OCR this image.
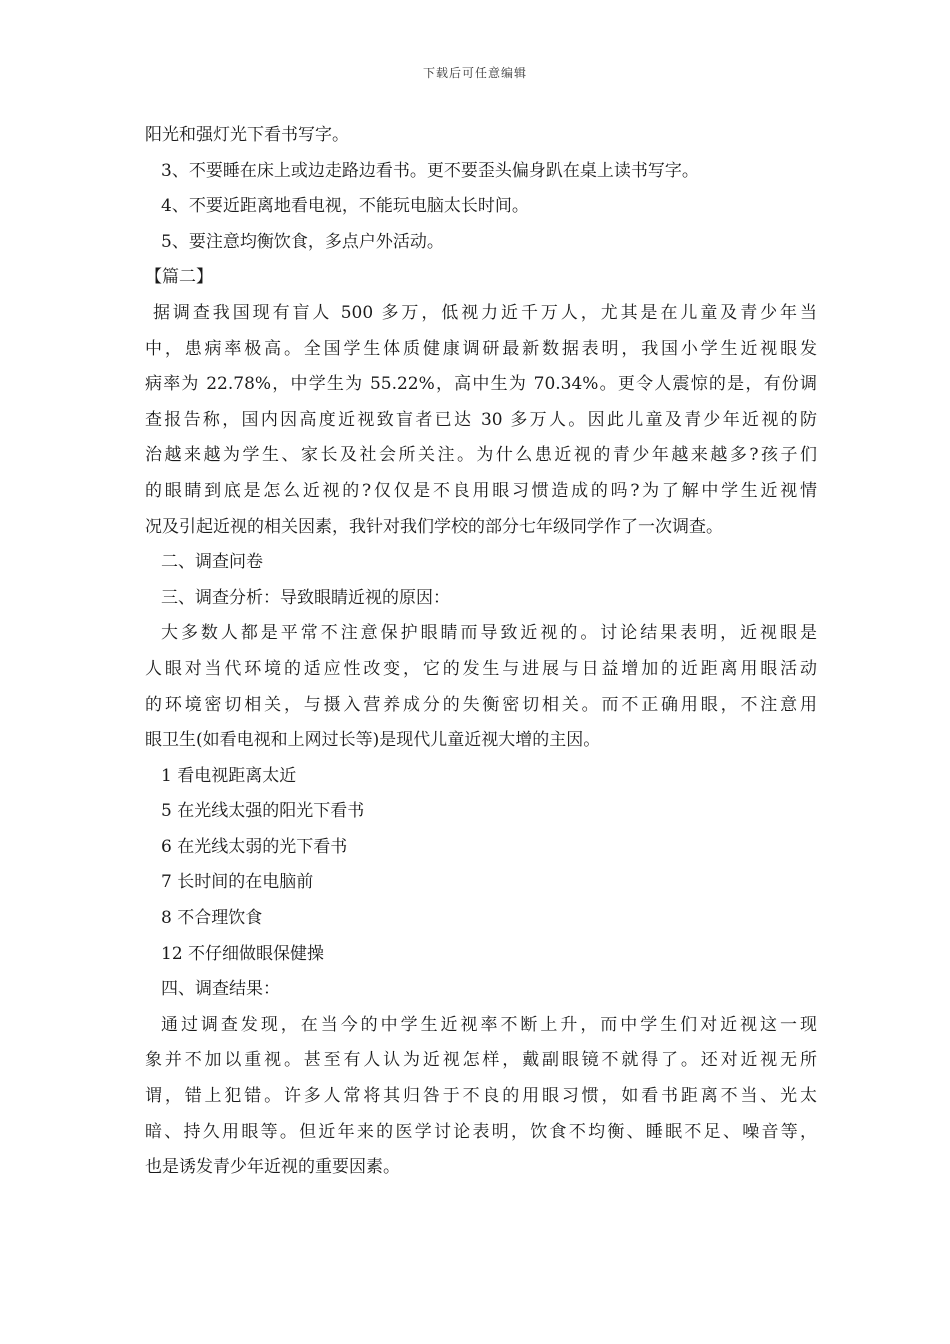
下载后可任意编辑
阳光和强灯光下看书写字。
3、不要睡在床上或边走路边看书。更不要歪头偏身趴在桌上读书写字。
4、不要近距离地看电视，不能玩电脑太长时间。
5、要注意均衡饮食，多点户外活动。
【篇二】
据调查我国现有盲人 500 多万，低视力近千万人，尤其是在儿童及青少年当
中，患病率极高。全国学生体质健康调研最新数据表明，我国小学生近视眼发
病率为 22.78%，中学生为 55.22%，高中生为 70.34%。更令人震惊的是，有份调
查报告称，国内因高度近视致盲者已达 30 多万人。因此儿童及青少年近视的防
治越来越为学生、家长及社会所关注。为什么患近视的青少年越来越多?孩子们
的眼睛到底是怎么近视的?仅仅是不良用眼习惯造成的吗?为了解中学生近视情
况及引起近视的相关因素，我针对我们学校的部分七年级同学作了一次调查。
二、调查问卷
三、调查分析：导致眼睛近视的原因：
大多数人都是平常不注意保护眼睛而导致近视的。讨论结果表明，近视眼是
人眼对当代环境的适应性改变，它的发生与进展与日益增加的近距离用眼活动
的环境密切相关，与摄入营养成分的失衡密切相关。而不正确用眼，不注意用
眼卫生(如看电视和上网过长等)是现代儿童近视大增的主因。
1 看电视距离太近
5 在光线太强的阳光下看书
6 在光线太弱的光下看书
7 长时间的在电脑前
8 不合理饮食
12 不仔细做眼保健操
四、调查结果：
通过调查发现，在当今的中学生近视率不断上升，而中学生们对近视这一现
象并不加以重视。甚至有人认为近视怎样，戴副眼镜不就得了。还对近视无所
谓，错上犯错。许多人常将其归咎于不良的用眼习惯，如看书距离不当、光太
暗、持久用眼等。但近年来的医学讨论表明，饮食不均衡、睡眠不足、噪音等，
也是诱发青少年近视的重要因素。
